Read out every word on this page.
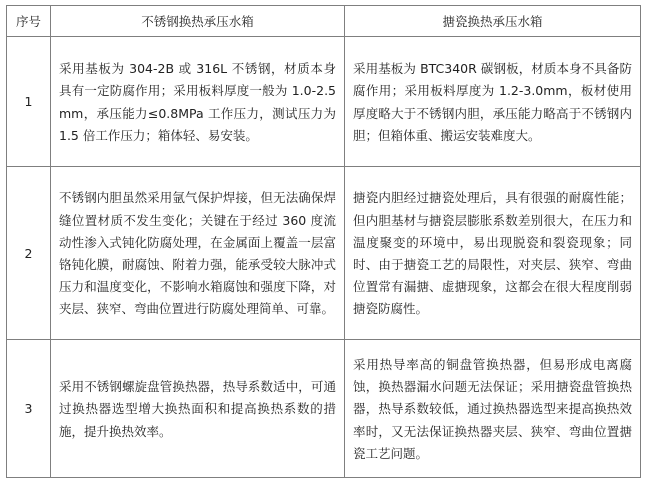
序号	不锈钢换热承压水箱	搪瓷换热承压水箱
1	采用基板为 304-2B 或 316L 不锈钢，材质本身具有一定防腐作用；采用板料厚度一般为 1.0-2.5mm，承压能力≤0.8MPa 工作压力，测试压力为 1.5 倍工作压力；箱体轻、易安装。	采用基板为 BTC340R 碳钢板，材质本身不具备防腐作用；采用板料厚度为 1.2-3.0mm，板材使用厚度略大于不锈钢内胆，承压能力略高于不锈钢内胆；但箱体重、搬运安装难度大。

2	不锈钢内胆虽然采用氩气保护焊接，但无法确保焊缝位置材质不发生变化；关键在于经过 360 度流动性渗入式钝化防腐处理，在金属面上覆盖一层富铬钝化膜，耐腐蚀、附着力强，能承受较大脉冲式压力和温度变化，不影响水箱腐蚀和强度下降，对夹层、狭窄、弯曲位置进行防腐处理简单、可靠。	搪瓷内胆经过搪瓷处理后，具有很强的耐腐性能；但内胆基材与搪瓷层膨胀系数差别很大，在压力和温度聚变的环境中，易出现脱瓷和裂瓷现象；同时、由于搪瓷工艺的局限性，对夹层、狭窄、弯曲位置常有漏搪、虚搪现象，这都会在很大程度削弱搪瓷防腐性。

3	采用不锈钢螺旋盘管换热器，热导系数适中，可通过换热器选型增大换热面积和提高换热系数的措施，提升换热效率。	采用热导率高的铜盘管换热器，但易形成电离腐蚀，换热器漏水问题无法保证；采用搪瓷盘管换热器，热导系数较低，通过换热器选型来提高换热效率时，又无法保证换热器夹层、狭窄、弯曲位置搪瓷工艺问题。
